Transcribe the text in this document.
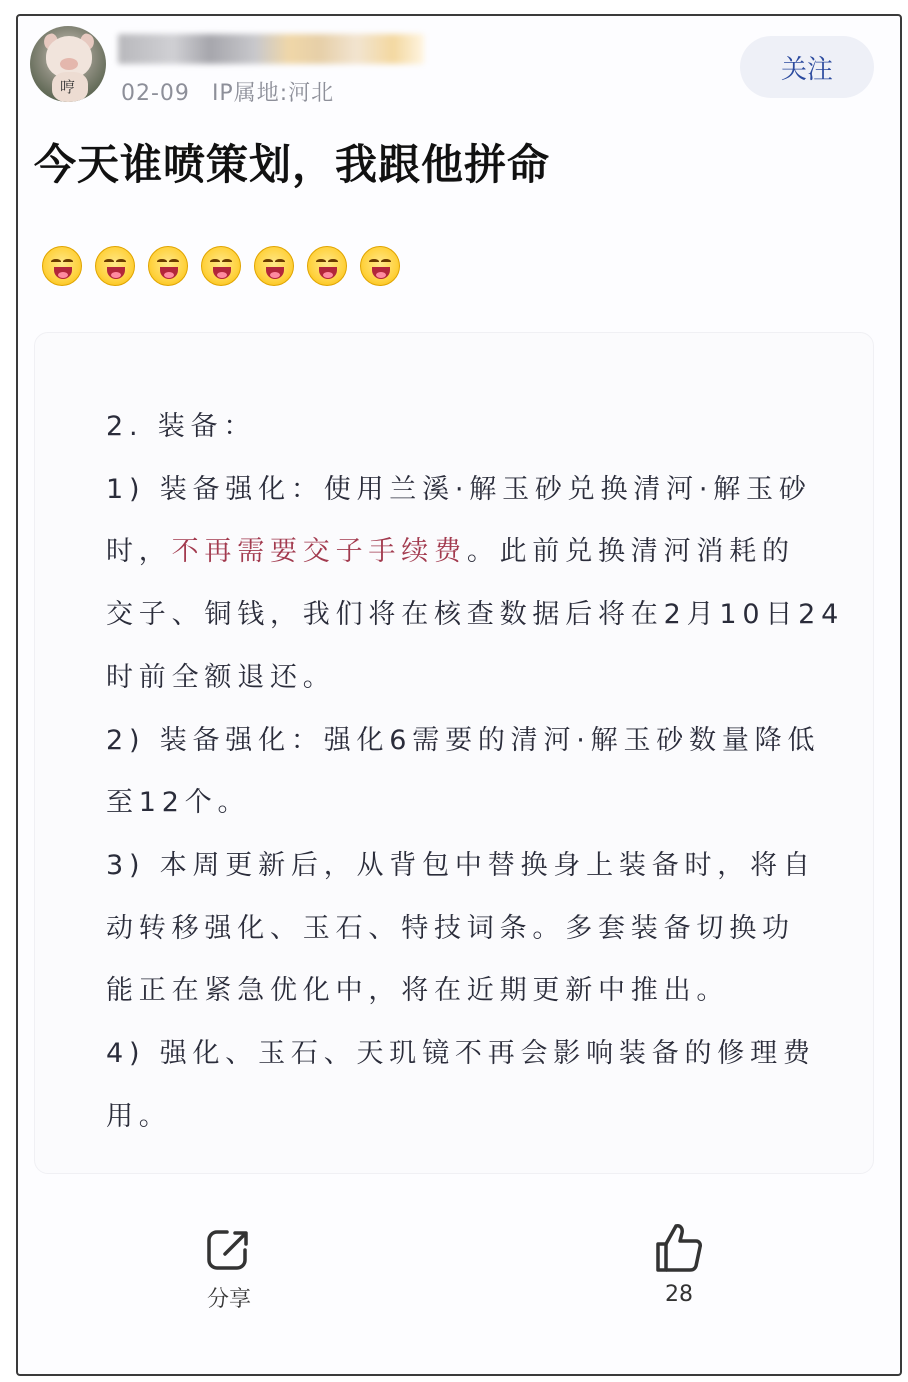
哼 02-09 IP属地:河北
关注
今天谁喷策划，我跟他拼命
2. 装备：
1) 装备强化：使用兰溪·解玉砂兑换清河·解玉砂
时，不再需要交子手续费。此前兑换清河消耗的
交子、铜钱，我们将在核查数据后将在2月10日24
时前全额退还。
2) 装备强化：强化6需要的清河·解玉砂数量降低
至12个。
3) 本周更新后，从背包中替换身上装备时，将自
动转移强化、玉石、特技词条。多套装备切换功
能正在紧急优化中，将在近期更新中推出。
4) 强化、玉石、天玑镜不再会影响装备的修理费
用。
分享	28
